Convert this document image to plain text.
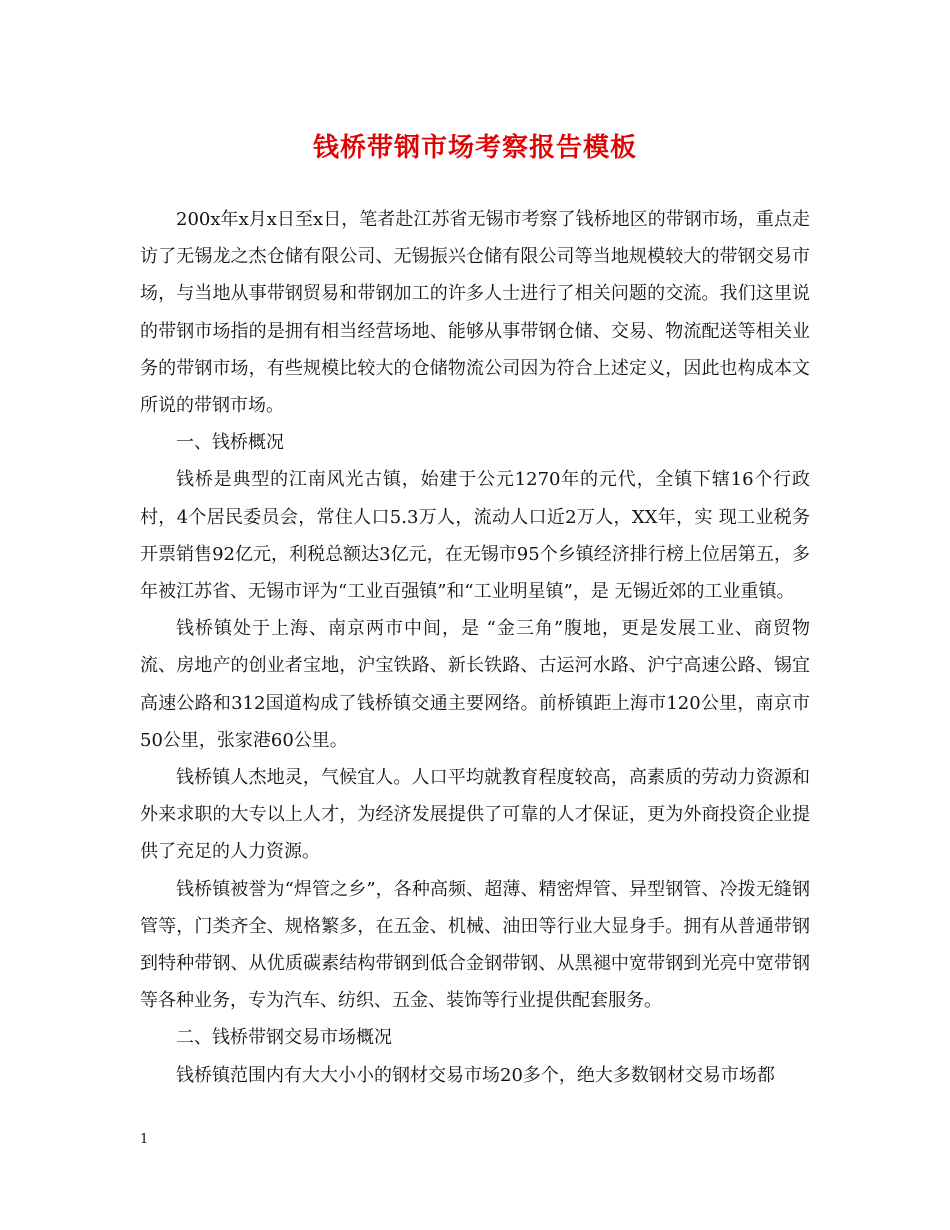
钱桥带钢市场考察报告模板

200x年x月x日至x日，笔者赴江苏省无锡市考察了钱桥地区的带钢市场，重点走访了无锡龙之杰仓储有限公司、无锡振兴仓储有限公司等当地规模较大的带钢交易市场，与当地从事带钢贸易和带钢加工的许多人士进行了相关问题的交流。我们这里说的带钢市场指的是拥有相当经营场地、能够从事带钢仓储、交易、物流配送等相关业务的带钢市场，有些规模比较大的仓储物流公司因为符合上述定义，因此也构成本文所说的带钢市场。

一、钱桥概况

钱桥是典型的江南风光古镇，始建于公元1270年的元代，全镇下辖16个行政村，4个居民委员会，常住人口5.3万人，流动人口近2万人，XX年，实 现工业税务开票销售92亿元，利税总额达3亿元，在无锡市95个乡镇经济排行榜上位居第五，多年被江苏省、无锡市评为“工业百强镇”和“工业明星镇”，是 无锡近郊的工业重镇。

钱桥镇处于上海、南京两市中间，是 “金三角”腹地，更是发展工业、商贸物流、房地产的创业者宝地，沪宝铁路、新长铁路、古运河水路、沪宁高速公路、锡宜高速公路和312国道构成了钱桥镇交通主要网络。前桥镇距上海市120公里，南京市50公里，张家港60公里。

钱桥镇人杰地灵，气候宜人。人口平均就教育程度较高，高素质的劳动力资源和外来求职的大专以上人才，为经济发展提供了可靠的人才保证，更为外商投资企业提供了充足的人力资源。

钱桥镇被誉为“焊管之乡”，各种高频、超薄、精密焊管、异型钢管、冷拨无缝钢管等，门类齐全、规格繁多，在五金、机械、油田等行业大显身手。拥有从普通带钢到特种带钢、从优质碳素结构带钢到低合金钢带钢、从黑褪中宽带钢到光亮中宽带钢等各种业务，专为汽车、纺织、五金、装饰等行业提供配套服务。

二、钱桥带钢交易市场概况

钱桥镇范围内有大大小小的钢材交易市场20多个，绝大多数钢材交易市场都

1
